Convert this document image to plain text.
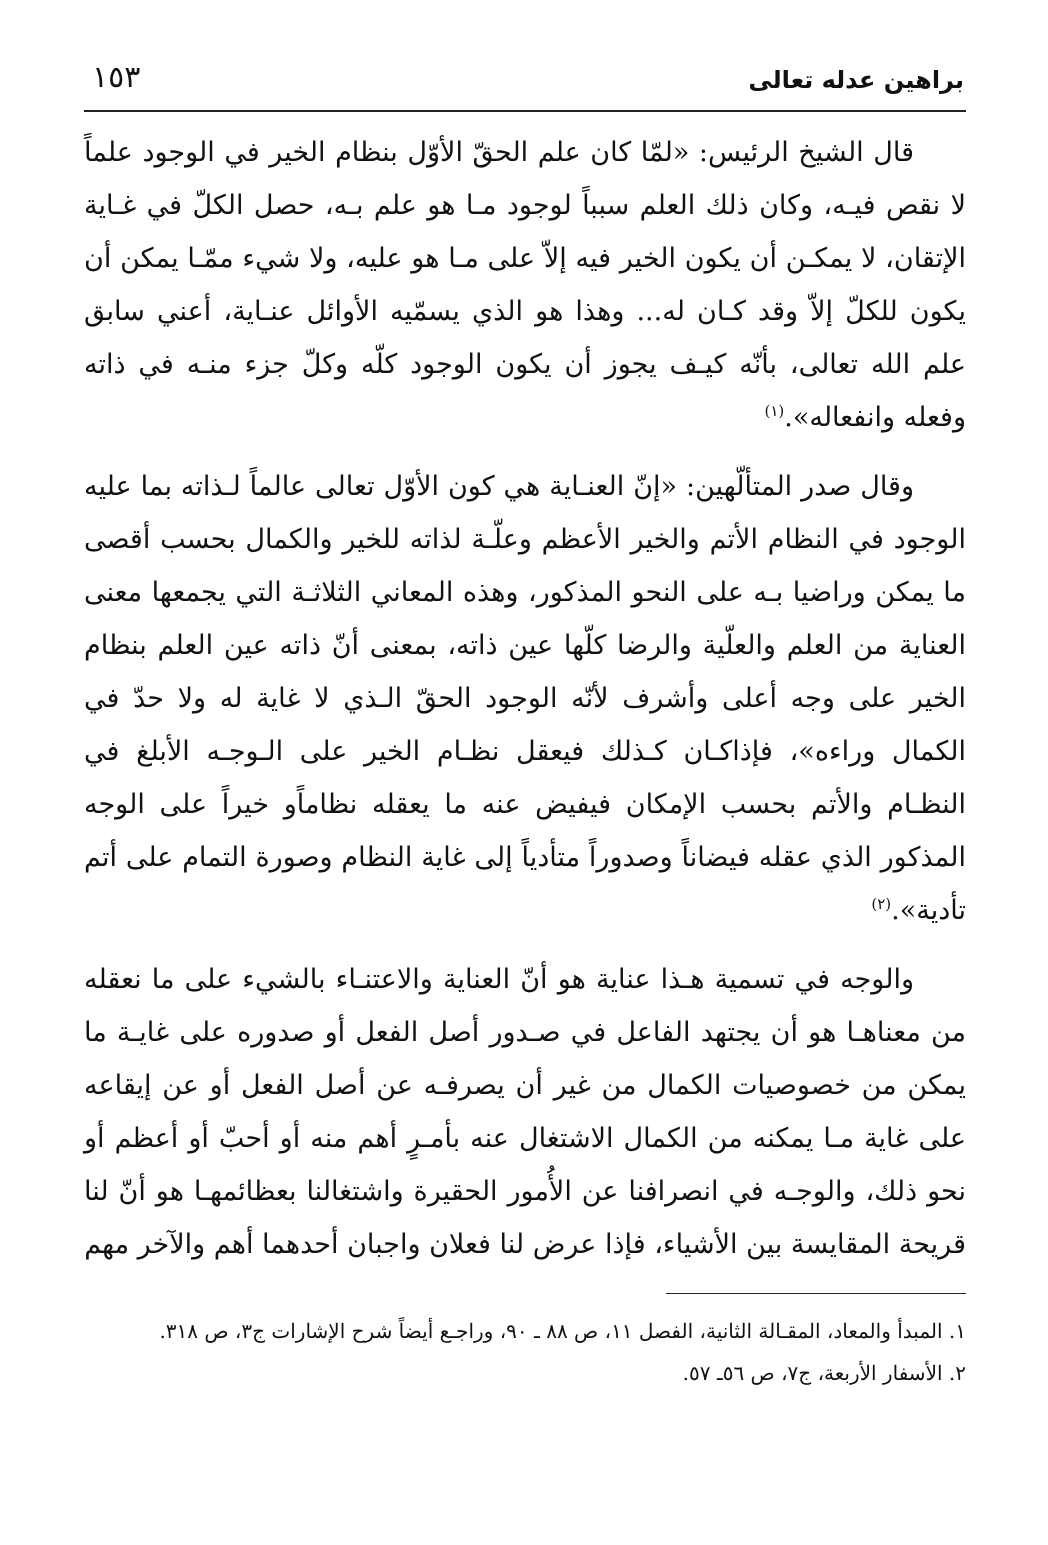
براهين عدله تعالى
١٥٣

قال الشيخ الرئيس: «لمّا كان علم الحقّ الأوّل بنظام الخير في الوجود علماً لا نقص فيـه، وكان ذلك العلم سبباً لوجود مـا هو علم بـه، حصل الكلّ في غـاية الإتقان، لا يمكـن أن يكون الخير فيه إلاّ على مـا هو عليه، ولا شيء ممّـا يمكن أن يكون للكلّ إلاّ وقد كـان له... وهذا هو الذي يسمّيه الأوائل عنـاية، أعني سابق علم الله تعالى، بأنّه كيـف يجوز أن يكون الوجود كلّه وكلّ جزء منـه في ذاته وفعله وانفعاله».$^{(١)}$

وقال صدر المتألّهين: «إنّ العنـاية هي كون الأوّل تعالى عالماً لـذاته بما عليه الوجود في النظام الأتم والخير الأعظم وعلّـة لذاته للخير والكمال بحسب أقصى ما يمكن وراضيا بـه على النحو المذكور، وهذه المعاني الثلاثـة التي يجمعها معنى العناية من العلم والعلّية والرضا كلّها عين ذاته، بمعنى أنّ ذاته عين العلم بنظام الخير على وجه أعلى وأشرف لأنّه الوجود الحقّ الـذي لا غاية له ولا حدّ في الكمال وراءه»، فإذاكـان كـذلك فيعقل نظـام الخير على الـوجـه الأبلغ في النظـام والأتم بحسب الإمكان فيفيض عنه ما يعقله نظاماًو خيراً على الوجه المذكور الذي عقله فيضاناً وصدوراً متأدياً إلى غاية النظام وصورة التمام على أتم تأدية».$^{(٢)}$

والوجه في تسمية هـذا عناية هو أنّ العناية والاعتنـاء بالشيء على ما نعقله من معناهـا هو أن يجتهد الفاعل في صـدور أصل الفعل أو صدوره على غايـة ما يمكن من خصوصيات الكمال من غير أن يصرفـه عن أصل الفعل أو عن إيقاعه على غاية مـا يمكنه من الكمال الاشتغال عنه بأمـرٍ أهم منه أو أحبّ أو أعظم أو نحو ذلك، والوجـه في انصرافنا عن الأُمور الحقيرة واشتغالنا بعظائمهـا هو أنّ لنا قريحة المقايسة بين الأشياء، فإذا عرض لنا فعلان واجبان أحدهما أهم والآخر مهم

١. المبدأ والمعاد، المقـالة الثانية، الفصل ١١، ص ٨٨ ـ ٩٠، وراجـع أيضاً شرح الإشارات ج٣، ص ٣١٨.

٢. الأسفار الأربعة، ج٧، ص ٥٦ـ ٥٧.
